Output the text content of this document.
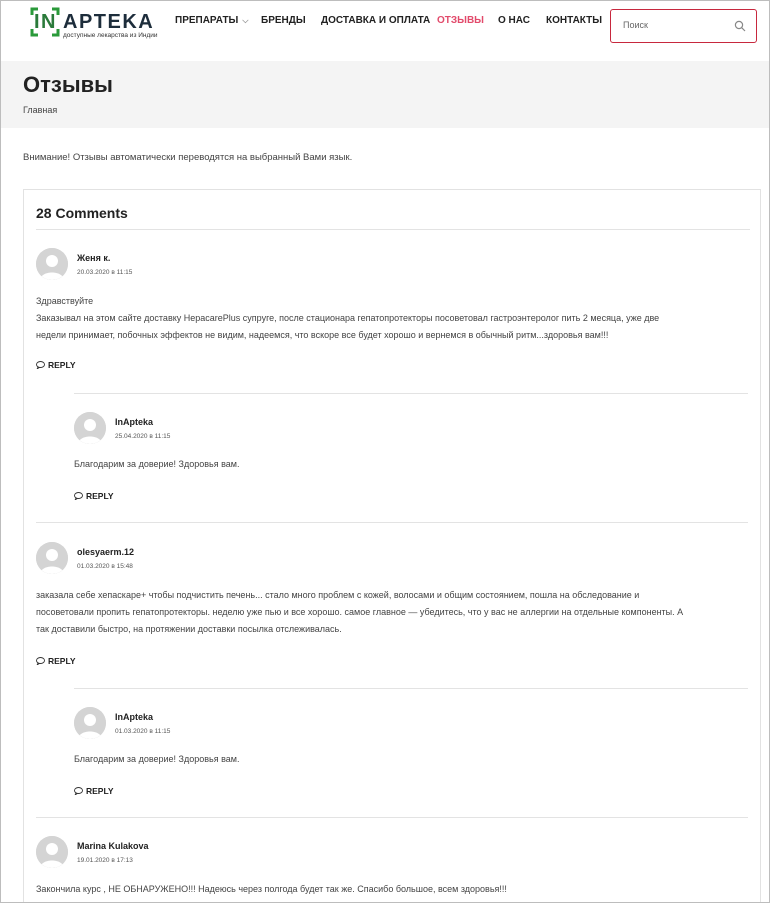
IN APTEKA
доступные лекарства из Индии
ПРЕПАРАТЫ ⌵ БРЕНДЫ ДОСТАВКА И ОПЛАТА ОТЗЫВЫ О НАС КОНТАКТЫ
Поиск
Отзывы
Главная
Внимание! Отзывы автоматически переводятся на выбранный Вами язык.
28 Comments
Женя к.
20.03.2020 в 11:15
Здравствуйте
Заказывал на этом сайте доставку HepacarePlus супруге, после стационара гепатопротекторы посоветовал гастроэнтеролог пить 2 месяца, уже две
недели принимает, побочных эффектов не видим, надеемся, что вскоре все будет хорошо и вернемся в обычный ритм...здоровья вам!!!
REPLY
InApteka
25.04.2020 в 11:15
Благодарим за доверие! Здоровья вам.
REPLY
olesyaerm.12
01.03.2020 в 15:48
заказала себе хепаскаре+ чтобы подчистить печень... стало много проблем с кожей, волосами и общим состоянием, пошла на обследование и
посоветовали пропить гепатопротекторы. неделю уже пью и все хорошо. самое главное — убедитесь, что у вас не аллергии на отдельные компоненты. А
так доставили быстро, на протяжении доставки посылка отслеживалась.
REPLY
InApteka
01.03.2020 в 11:15
Благодарим за доверие! Здоровья вам.
REPLY
Marina Kulakova
19.01.2020 в 17:13
Закончила курс , НЕ ОБНАРУЖЕНО!!! Надеюсь через полгода будет так же. Спасибо большое, всем здоровья!!!
